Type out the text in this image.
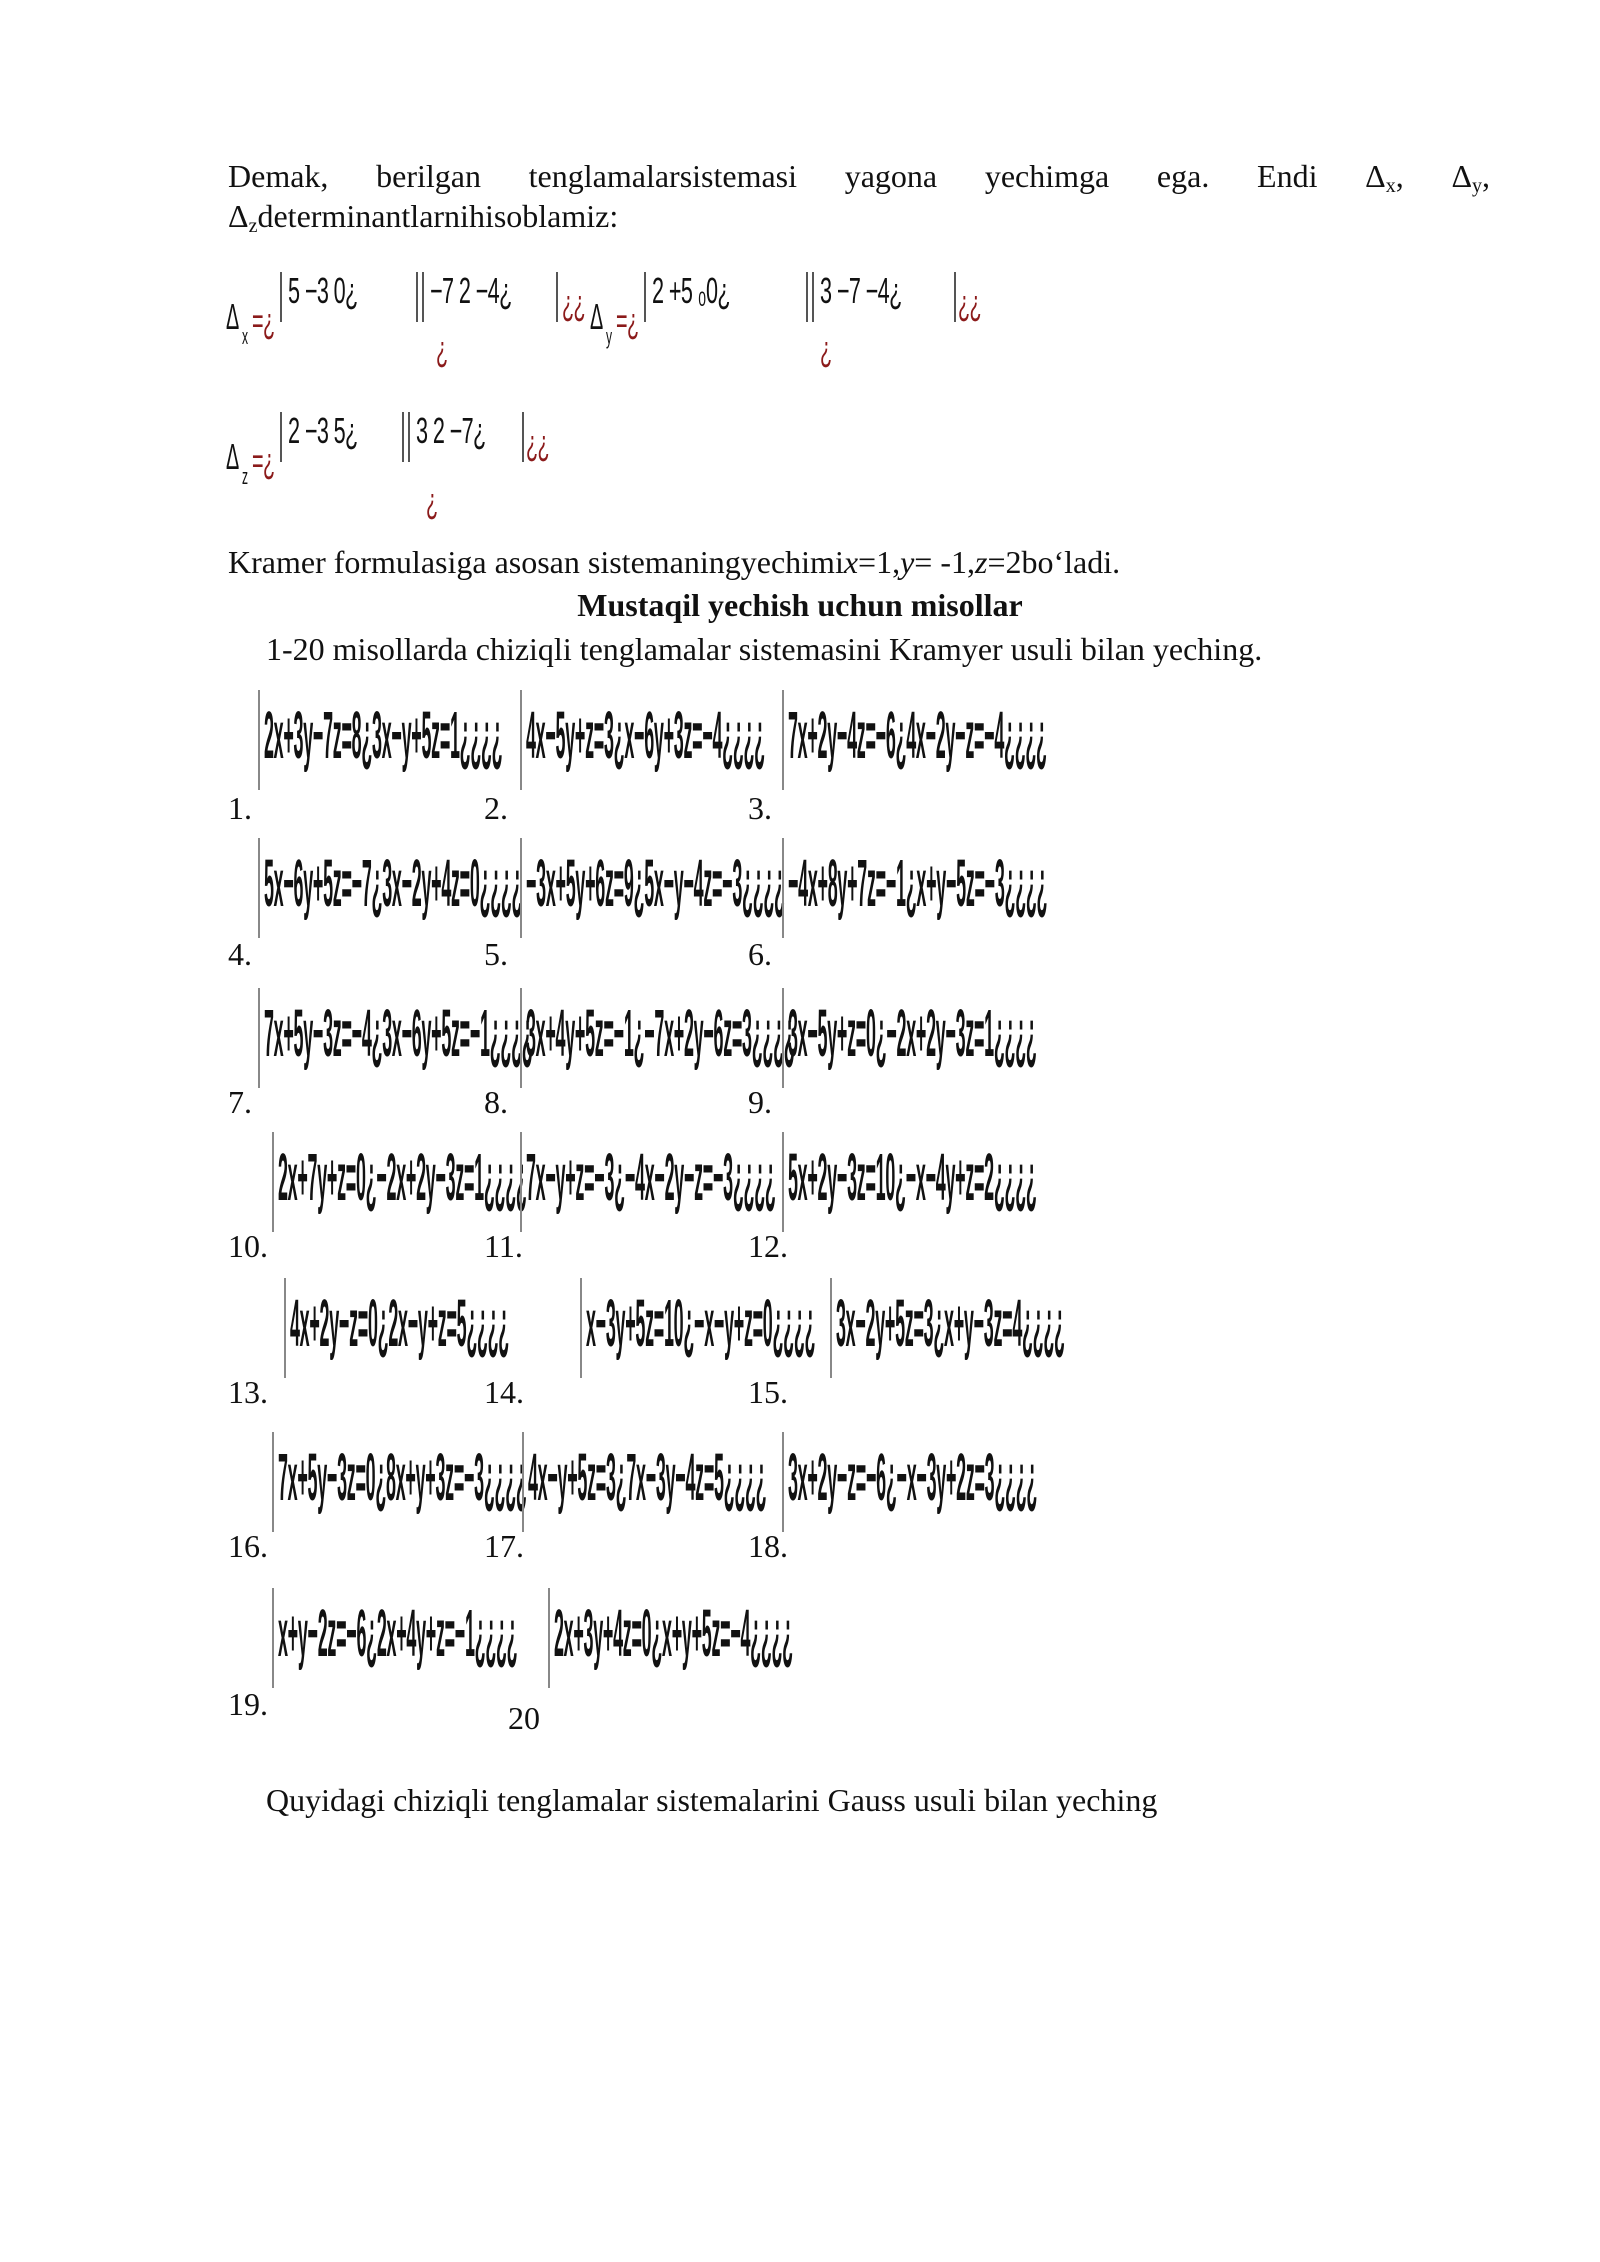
Demak, berilgan tenglamalarsistemasi yagona yechimga ega. Endi $\Delta_x$, $\Delta_y$,
$\Delta_zdeterminantlarnihisoblamiz$:
Δ x =¿
5 −3 0¿ −7 2 −4¿ ¿¿
¿
Δ y =¿
2 +5 ₀0¿ 3 −7 −4¿ ¿¿
¿
Δ z =¿
2 −3 5¿ 3 2 −7¿ ¿¿
¿
Kramer formulasiga asosan sistemaningyechimix=1,y= -1,z=2bo‘ladi.
Mustaqil yechish uchun misollar
1-20 misollarda chiziqli tenglamalar sistemasini Kramyer usuli bilan yeching.
1.
2x+3y−7z=8¿3x−y+5z=1¿¿¿¿
2.
4x−5y+z=3¿x−6y+3z=−4¿¿¿¿
3.
7x+2y−4z=−6¿4x−2y−z=−4¿¿¿¿
4.
5x−6y+5z=−7¿3x−2y+4z=0¿¿¿¿
5.
−3x+5y+6z=9¿5x−y−4z=−3¿¿¿¿
6.
−4x+8y+7z=−1¿x+y−5z=−3¿¿¿¿
7.
7x+5y−3z=−4¿3x−6y+5z=−1¿¿¿¿
8.
3x+4y+5z=−1¿−7x+2y−6z=3¿¿¿¿
9.
3x−5y+z=0¿−2x+2y−3z=1¿¿¿¿
10.
2x+7y+z=0¿−2x+2y−3z=1¿¿¿¿
11.
7x−y+z=−3¿−4x−2y−z=−3¿¿¿¿
12.
5x+2y−3z=10¿−x−4y+z=2¿¿¿¿
13.
4x+2y−z=0¿2x−y+z=5¿¿¿¿
14.
x−3y+5z=10¿−x−y+z=0¿¿¿¿
15.
3x−2y+5z=3¿x+y−3z=4¿¿¿¿
16.
7x+5y−3z=0¿8x+y+3z=−3¿¿¿¿
17.
4x−y+5z=3¿7x−3y−4z=5¿¿¿¿
18.
3x+2y−z=−6¿−x−3y+2z=3¿¿¿¿
19.
x+y−2z=−6¿2x+4y+z=−1¿¿¿¿
20
2x+3y+4z=0¿x+y+5z=−4¿¿¿¿
Quyidagi chiziqli tenglamalar sistemalarini Gauss usuli bilan yeching
